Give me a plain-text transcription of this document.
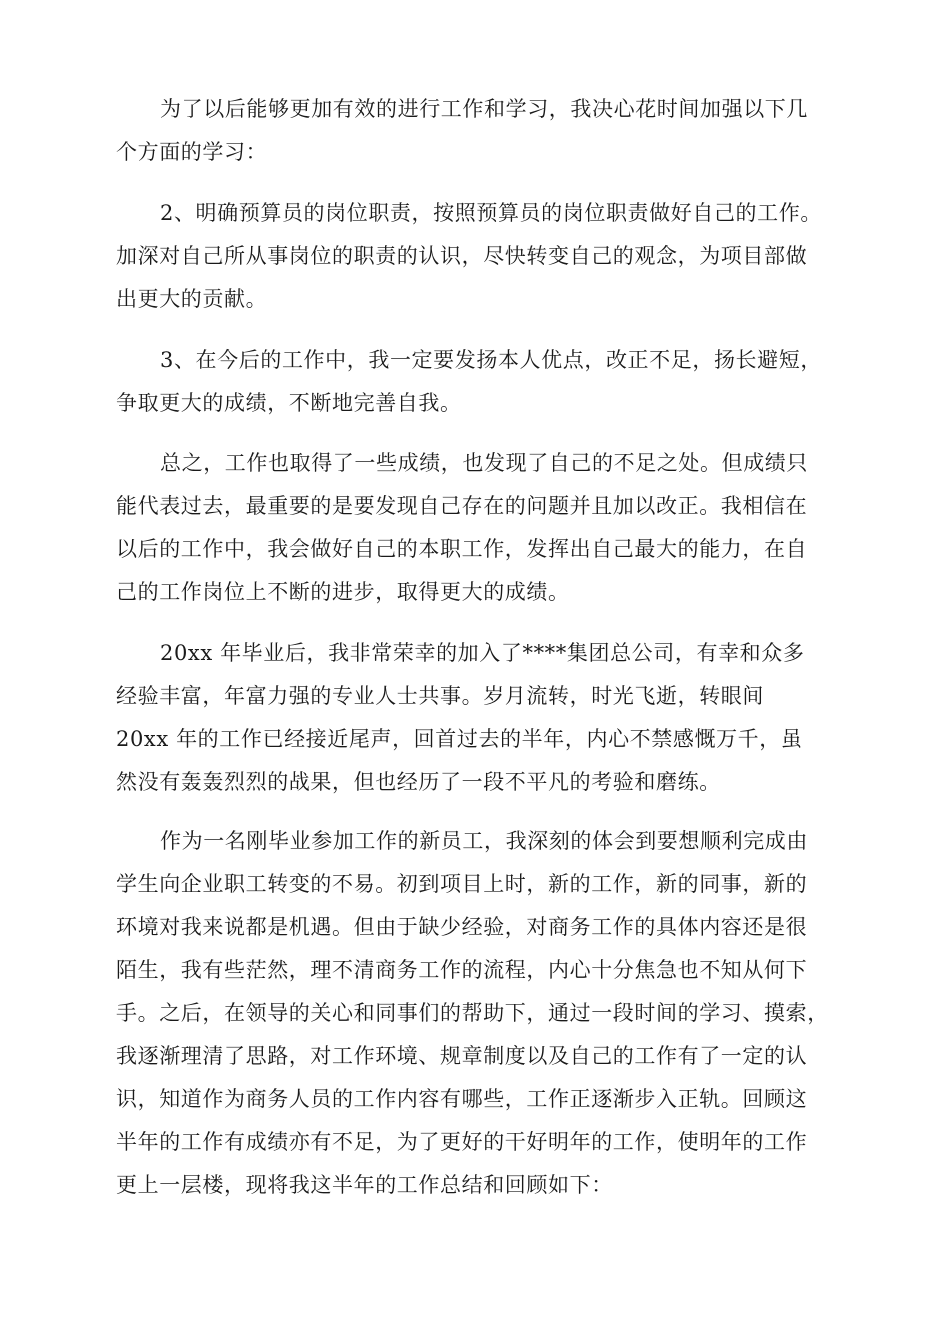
为了以后能够更加有效的进行工作和学习，我决心花时间加强以下几
个方面的学习：

2、明确预算员的岗位职责，按照预算员的岗位职责做好自己的工作。
加深对自己所从事岗位的职责的认识，尽快转变自己的观念，为项目部做
出更大的贡献。

3、在今后的工作中，我一定要发扬本人优点，改正不足，扬长避短，
争取更大的成绩，不断地完善自我。

总之，工作也取得了一些成绩，也发现了自己的不足之处。但成绩只
能代表过去，最重要的是要发现自己存在的问题并且加以改正。我相信在
以后的工作中，我会做好自己的本职工作，发挥出自己最大的能力，在自
己的工作岗位上不断的进步，取得更大的成绩。

20xx 年毕业后，我非常荣幸的加入了****集团总公司，有幸和众多
经验丰富，年富力强的专业人士共事。岁月流转，时光飞逝，转眼间
20xx 年的工作已经接近尾声，回首过去的半年，内心不禁感慨万千，虽
然没有轰轰烈烈的战果，但也经历了一段不平凡的考验和磨练。

作为一名刚毕业参加工作的新员工，我深刻的体会到要想顺利完成由
学生向企业职工转变的不易。初到项目上时，新的工作，新的同事，新的
环境对我来说都是机遇。但由于缺少经验，对商务工作的具体内容还是很
陌生，我有些茫然，理不清商务工作的流程，内心十分焦急也不知从何下
手。之后，在领导的关心和同事们的帮助下，通过一段时间的学习、摸索，
我逐渐理清了思路，对工作环境、规章制度以及自己的工作有了一定的认
识，知道作为商务人员的工作内容有哪些，工作正逐渐步入正轨。回顾这
半年的工作有成绩亦有不足，为了更好的干好明年的工作，使明年的工作
更上一层楼，现将我这半年的工作总结和回顾如下：
